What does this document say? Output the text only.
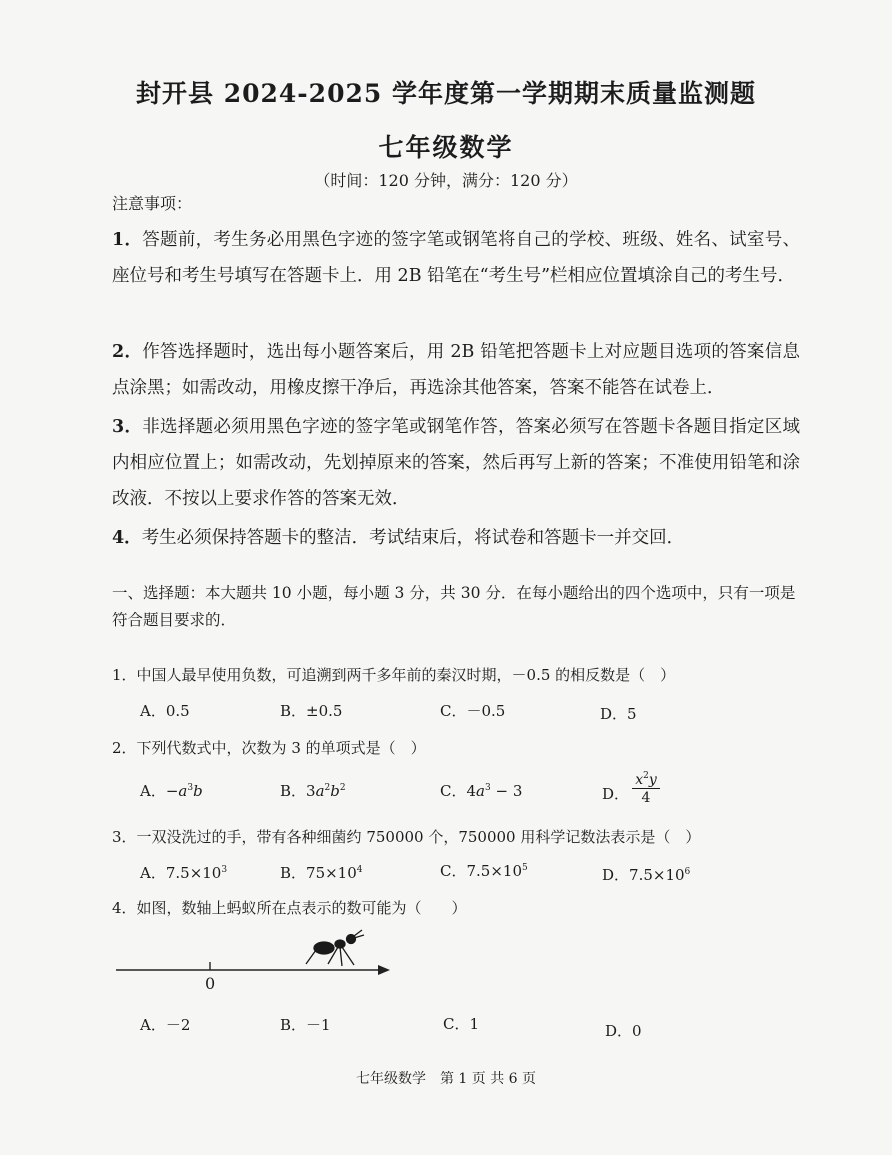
封开县 2024-2025 学年度第一学期期末质量监测题
七年级数学
（时间：120 分钟，满分：120 分）
注意事项：
1．答题前，考生务必用黑色字迹的签字笔或钢笔将自己的学校、班级、姓名、试室号、座位号和考生号填写在答题卡上．用 2B 铅笔在“考生号”栏相应位置填涂自己的考生号．
2．作答选择题时，选出每小题答案后，用 2B 铅笔把答题卡上对应题目选项的答案信息点涂黑；如需改动，用橡皮擦干净后，再选涂其他答案，答案不能答在试卷上．
3．非选择题必须用黑色字迹的签字笔或钢笔作答，答案必须写在答题卡各题目指定区域内相应位置上；如需改动，先划掉原来的答案，然后再写上新的答案；不准使用铅笔和涂改液．不按以上要求作答的答案无效．
4．考生必须保持答题卡的整洁．考试结束后，将试卷和答题卡一并交回．
一、选择题：本大题共 10 小题，每小题 3 分，共 30 分．在每小题给出的四个选项中，只有一项是符合题目要求的．
1．中国人最早使用负数，可追溯到两千多年前的秦汉时期，－0.5 的相反数是（　）
A．0.5	B．±0.5	C．－0.5	D．5
2．下列代数式中，次数为 3 的单项式是（　）
A．$-a^3b$	B．$3a^2b^2$	C．$4a^3 - 3$	D． $\frac{x^2y}{4}$
3．一双没洗过的手，带有各种细菌约 750000 个，750000 用科学记数法表示是（　）
A．$7.5\times 10^3$	B．$75\times 10^4$	C．$7.5\times 10^5$	D．$7.5\times 10^6$
4．如图，数轴上蚂蚁所在点表示的数可能为（　　）
0
A．－2	B．－1	C．1	D．0
七年级数学　第 1 页 共 6 页
